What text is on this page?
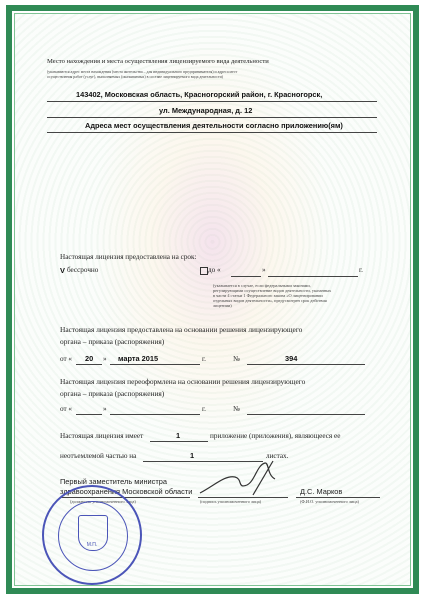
Место нахождения и места осуществления лицензируемого вида деятельности
(указываются адрес места нахождения (места жительства – для индивидуального предпринимателя) и адреса мест
осуществления работ (услуг), выполняемых (оказываемых) в составе лицензируемого вида деятельности)
143402, Московская область, Красногорский район, г. Красногорск,
ул. Международная, д. 12
Адреса мест осуществления деятельности согласно приложению(ям)
Настоящая лицензия предоставлена на срок:
V бессрочно	до «	»	г.
(указывается в случае, если федеральными законами,
регулирующими осуществление видов деятельности, указанных
в части 4 статьи 1 Федерального закона «О лицензировании
отдельных видов деятельности», предусмотрен срок действия
лицензии)
Настоящая лицензия предоставлена на основании решения лицензирующего
органа – приказа (распоряжения)
от « 20 » марта 2015	г.	№	394
Настоящая лицензия переоформлена на основании решения лицензирующего
органа – приказа (распоряжения)
от «	»	г.	№
Настоящая лицензия имеет	1	приложение (приложения), являющееся ее
неотъемлемой частью на	1	листах.
Первый заместитель министра
здравоохранения Московской области
(должность уполномоченного лица)	(подпись уполномоченного лица)
Д.С. Марков
(Ф.И.О. уполномоченного лица)
М.П.
